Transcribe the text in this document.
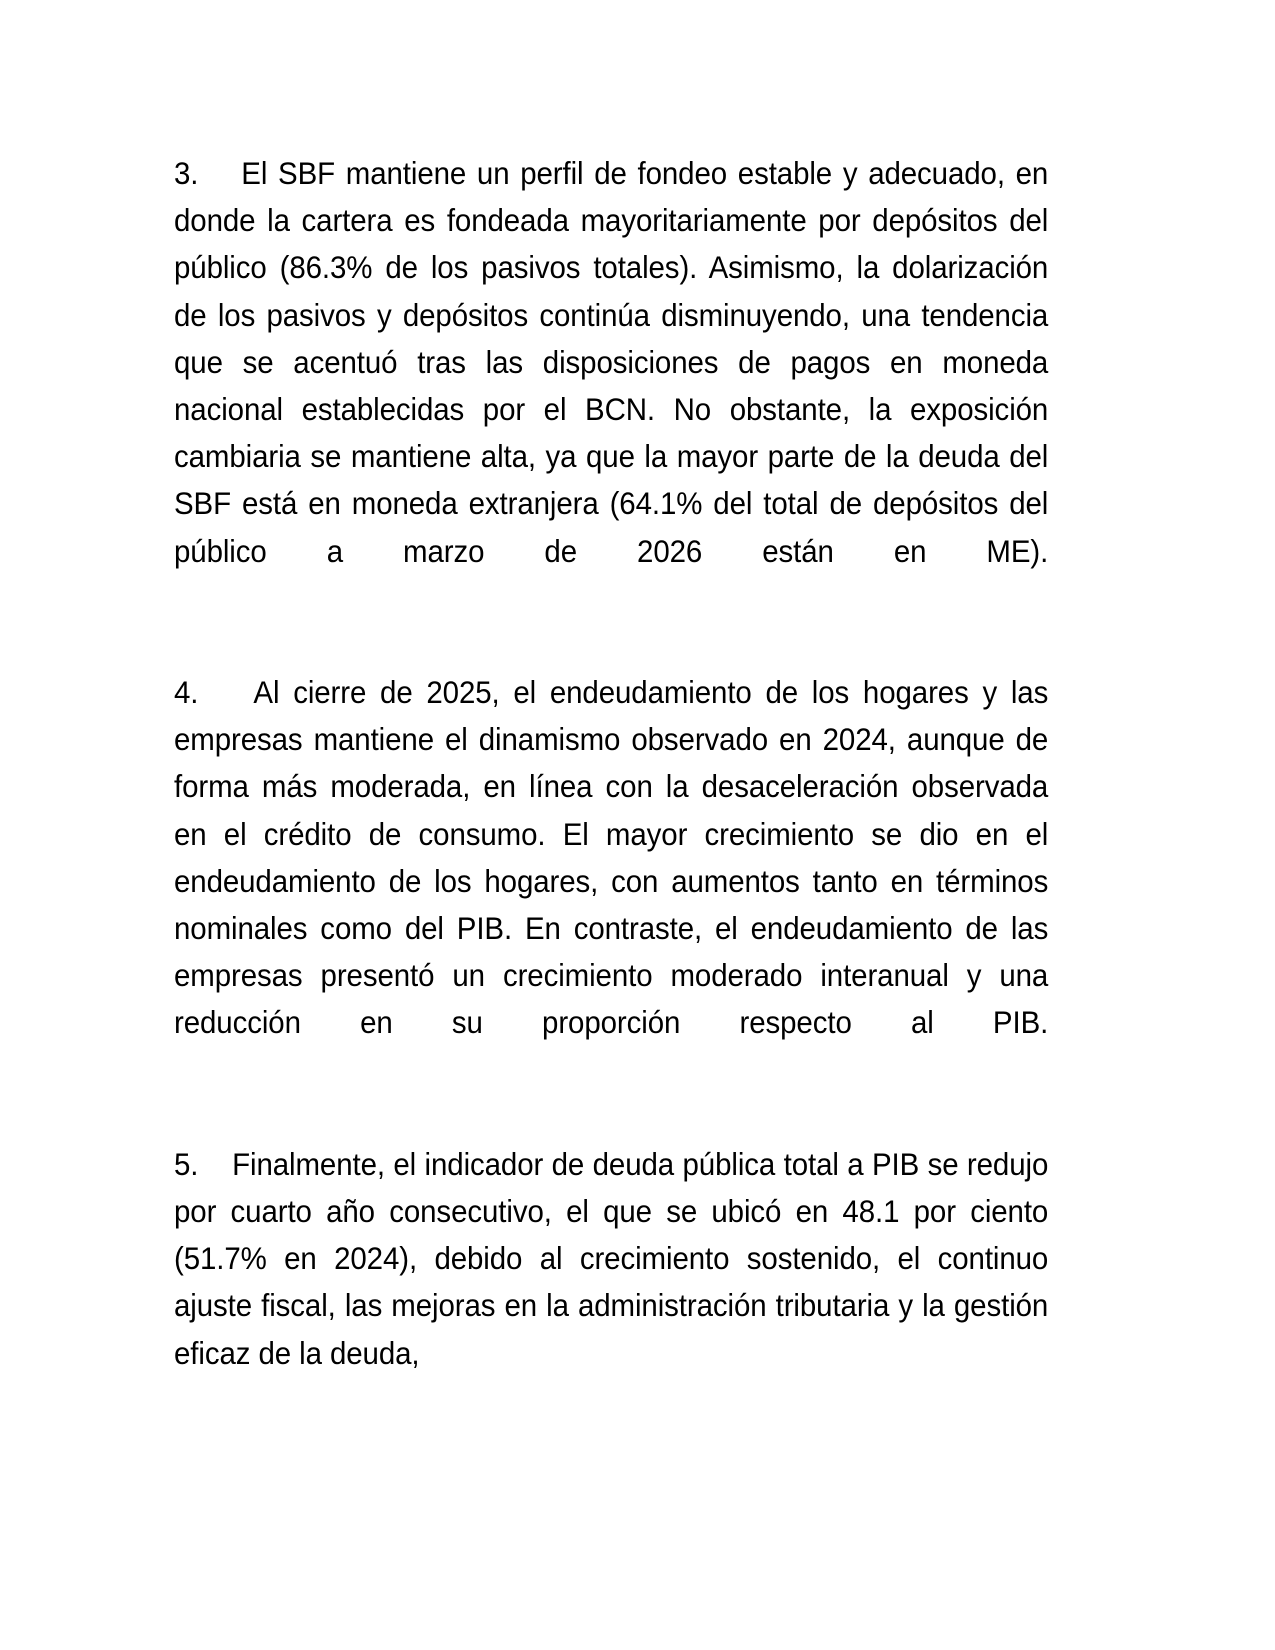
3. El SBF mantiene un perfil de fondeo estable y adecuado, en donde la cartera es fondeada mayoritariamente por depósitos del público (86.3% de los pasivos totales). Asimismo, la dolarización de los pasivos y depósitos continúa disminuyendo, una tendencia que se acentuó tras las disposiciones de pagos en moneda nacional establecidas por el BCN. No obstante, la exposición cambiaria se mantiene alta, ya que la mayor parte de la deuda del SBF está en moneda extranjera (64.1% del total de depósitos del público a marzo de 2026 están en ME).

4. Al cierre de 2025, el endeudamiento de los hogares y las empresas mantiene el dinamismo observado en 2024, aunque de forma más moderada, en línea con la desaceleración observada en el crédito de consumo. El mayor crecimiento se dio en el endeudamiento de los hogares, con aumentos tanto en términos nominales como del PIB. En contraste, el endeudamiento de las empresas presentó un crecimiento moderado interanual y una reducción en su proporción respecto al PIB.

5. Finalmente, el indicador de deuda pública total a PIB se redujo por cuarto año consecutivo, el que se ubicó en 48.1 por ciento (51.7% en 2024), debido al crecimiento sostenido, el continuo ajuste fiscal, las mejoras en la administración tributaria y la gestión eficaz de la deuda,
